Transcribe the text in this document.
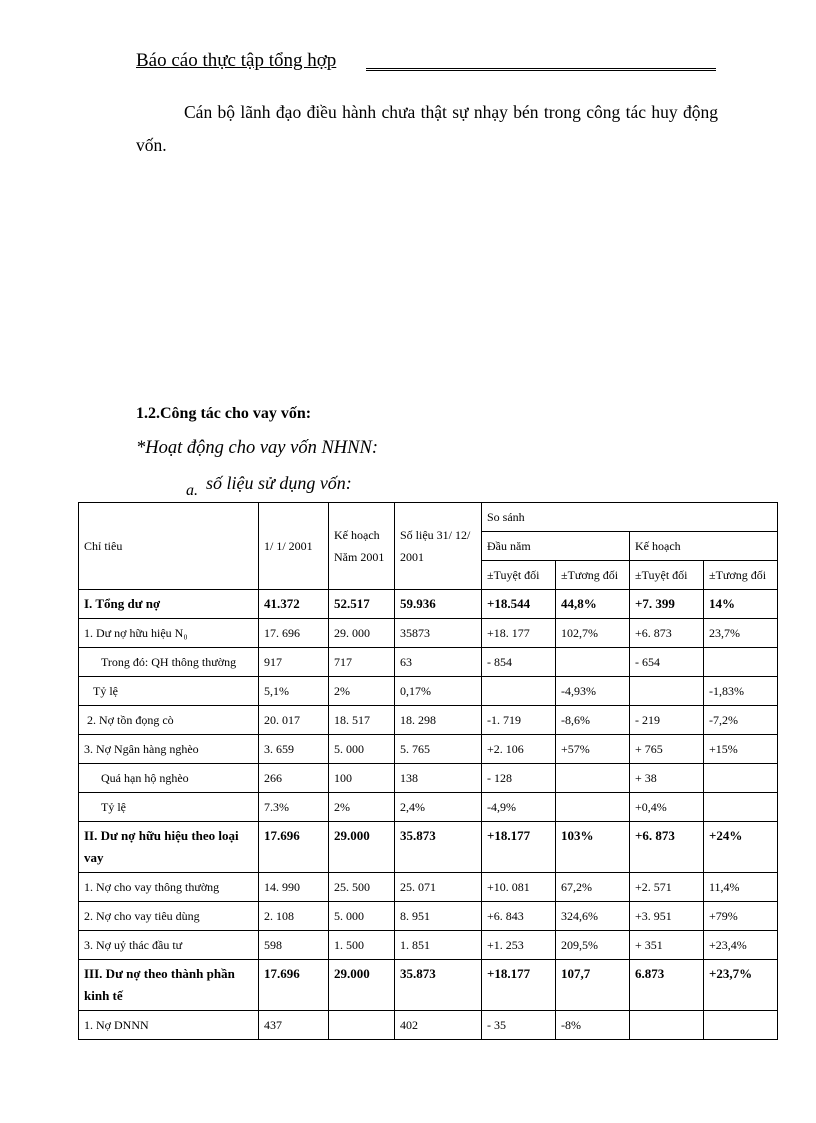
Báo cáo thực tập tổng hợp
Cán bộ lãnh đạo điều hành chưa thật sự nhạy bén trong công tác huy động vốn.
1.2.Công tác cho vay vốn:
*Hoạt động cho vay vốn NHNN:
a. số liệu sử dụng vốn:
Chỉ tiêu	1/ 1/ 2001	Kế hoạch Năm 2001	Số liệu 31/ 12/ 2001	So sánh			
				Đầu năm		Kế hoạch	
				±Tuyệt đối	±Tương đối	±Tuyệt đối	±Tương đối
I. Tổng dư nợ	41.372	52.517	59.936	+18.544	44,8%	+7. 399	14%
1. Dư nợ hữu hiệu N₀	17. 696	29. 000	35873	+18. 177	102,7%	+6. 873	23,7%
Trong đó: QH thông thường	917	717	63	- 854		- 654	
Tỷ lệ	5,1%	2%	0,17%		-4,93%		-1,83%
2. Nợ tồn đọng cò	20. 017	18. 517	18. 298	-1. 719	-8,6%	- 219	-7,2%
3. Nợ Ngân hàng nghèo	3. 659	5. 000	5. 765	+2. 106	+57%	+ 765	+15%
Quá hạn hộ nghèo	266	100	138	- 128		+ 38	
Tỷ lệ	7.3%	2%	2,4%	-4,9%		+0,4%	
II. Dư nợ hữu hiệu theo loại vay	17.696	29.000	35.873	+18.177	103%	+6. 873	+24%
1. Nợ cho vay thông thường	14. 990	25. 500	25. 071	+10. 081	67,2%	+2. 571	11,4%
2. Nợ cho vay tiêu dùng	2. 108	5. 000	8. 951	+6. 843	324,6%	+3. 951	+79%
3. Nợ uỷ thác đầu tư	598	1. 500	1. 851	+1. 253	209,5%	+ 351	+23,4%
III. Dư nợ theo thành phần kinh tế	17.696	29.000	35.873	+18.177	107,7	6.873	+23,7%
1. Nợ DNNN	437		402	- 35	-8%		
